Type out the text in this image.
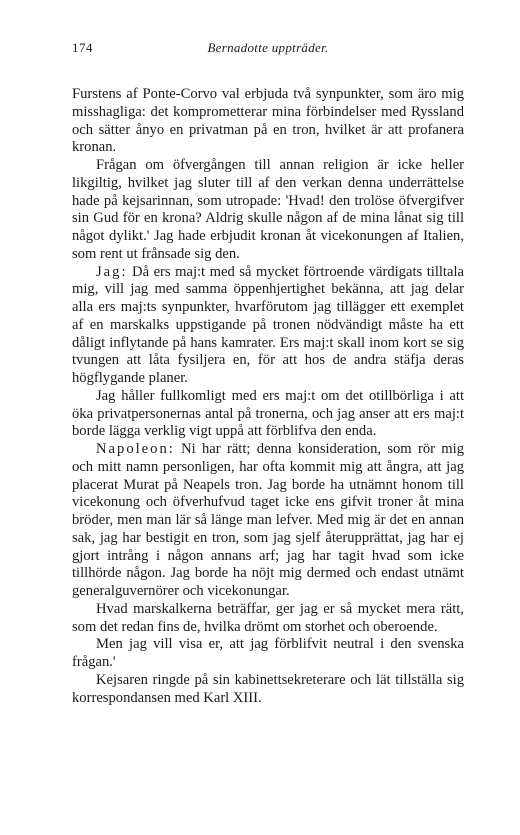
174	Bernadotte uppträder.

Furstens af Ponte-Corvo val erbjuda två synpunkter, som äro mig misshagliga: det komprometterar mina förbindelser med Ryssland och sätter ånyo en privatman på en tron, hvilket är att profanera kronan.

Frågan om öfvergången till annan religion är icke heller likgiltig, hvilket jag sluter till af den verkan denna underrättelse hade på kejsarinnan, som utropade: 'Hvad! den trolöse öfvergifver sin Gud för en krona? Aldrig skulle någon af de mina lånat sig till något dylikt.' Jag hade erbjudit kronan åt vicekonungen af Italien, som rent ut frånsade sig den.

Jag: Då ers maj:t med så mycket förtroende värdigats tilltala mig, vill jag med samma öppenhjertighet bekänna, att jag delar alla ers maj:ts synpunkter, hvarförutom jag tillägger ett exemplet af en marskalks uppstigande på tronen nödvändigt måste ha ett dåligt inflytande på hans kamrater. Ers maj:t skall inom kort se sig tvungen att låta fysiljera en, för att hos de andra stäfja deras högflygande planer.

Jag håller fullkomligt med ers maj:t om det otillbörliga i att öka privatpersonernas antal på tronerna, och jag anser att ers maj:t borde lägga verklig vigt uppå att förblifva den enda.

Napoleon: Ni har rätt; denna konsideration, som rör mig och mitt namn personligen, har ofta kommit mig att ångra, att jag placerat Murat på Neapels tron. Jag borde ha utnämnt honom till vicekonung och öfverhufvud taget icke ens gifvit troner åt mina bröder, men man lär så länge man lefver. Med mig är det en annan sak, jag har bestigit en tron, som jag sjelf återupprättat, jag har ej gjort intrång i någon annans arf; jag har tagit hvad som icke tillhörde någon. Jag borde ha nöjt mig dermed och endast utnämt generalguvernörer och vicekonungar.

Hvad marskalkerna beträffar, ger jag er så mycket mera rätt, som det redan fins de, hvilka drömt om storhet och oberoende.

Men jag vill visa er, att jag förblifvit neutral i den svenska frågan.'

Kejsaren ringde på sin kabinettsekreterare och lät tillställa sig korrespondansen med Karl XIII.
